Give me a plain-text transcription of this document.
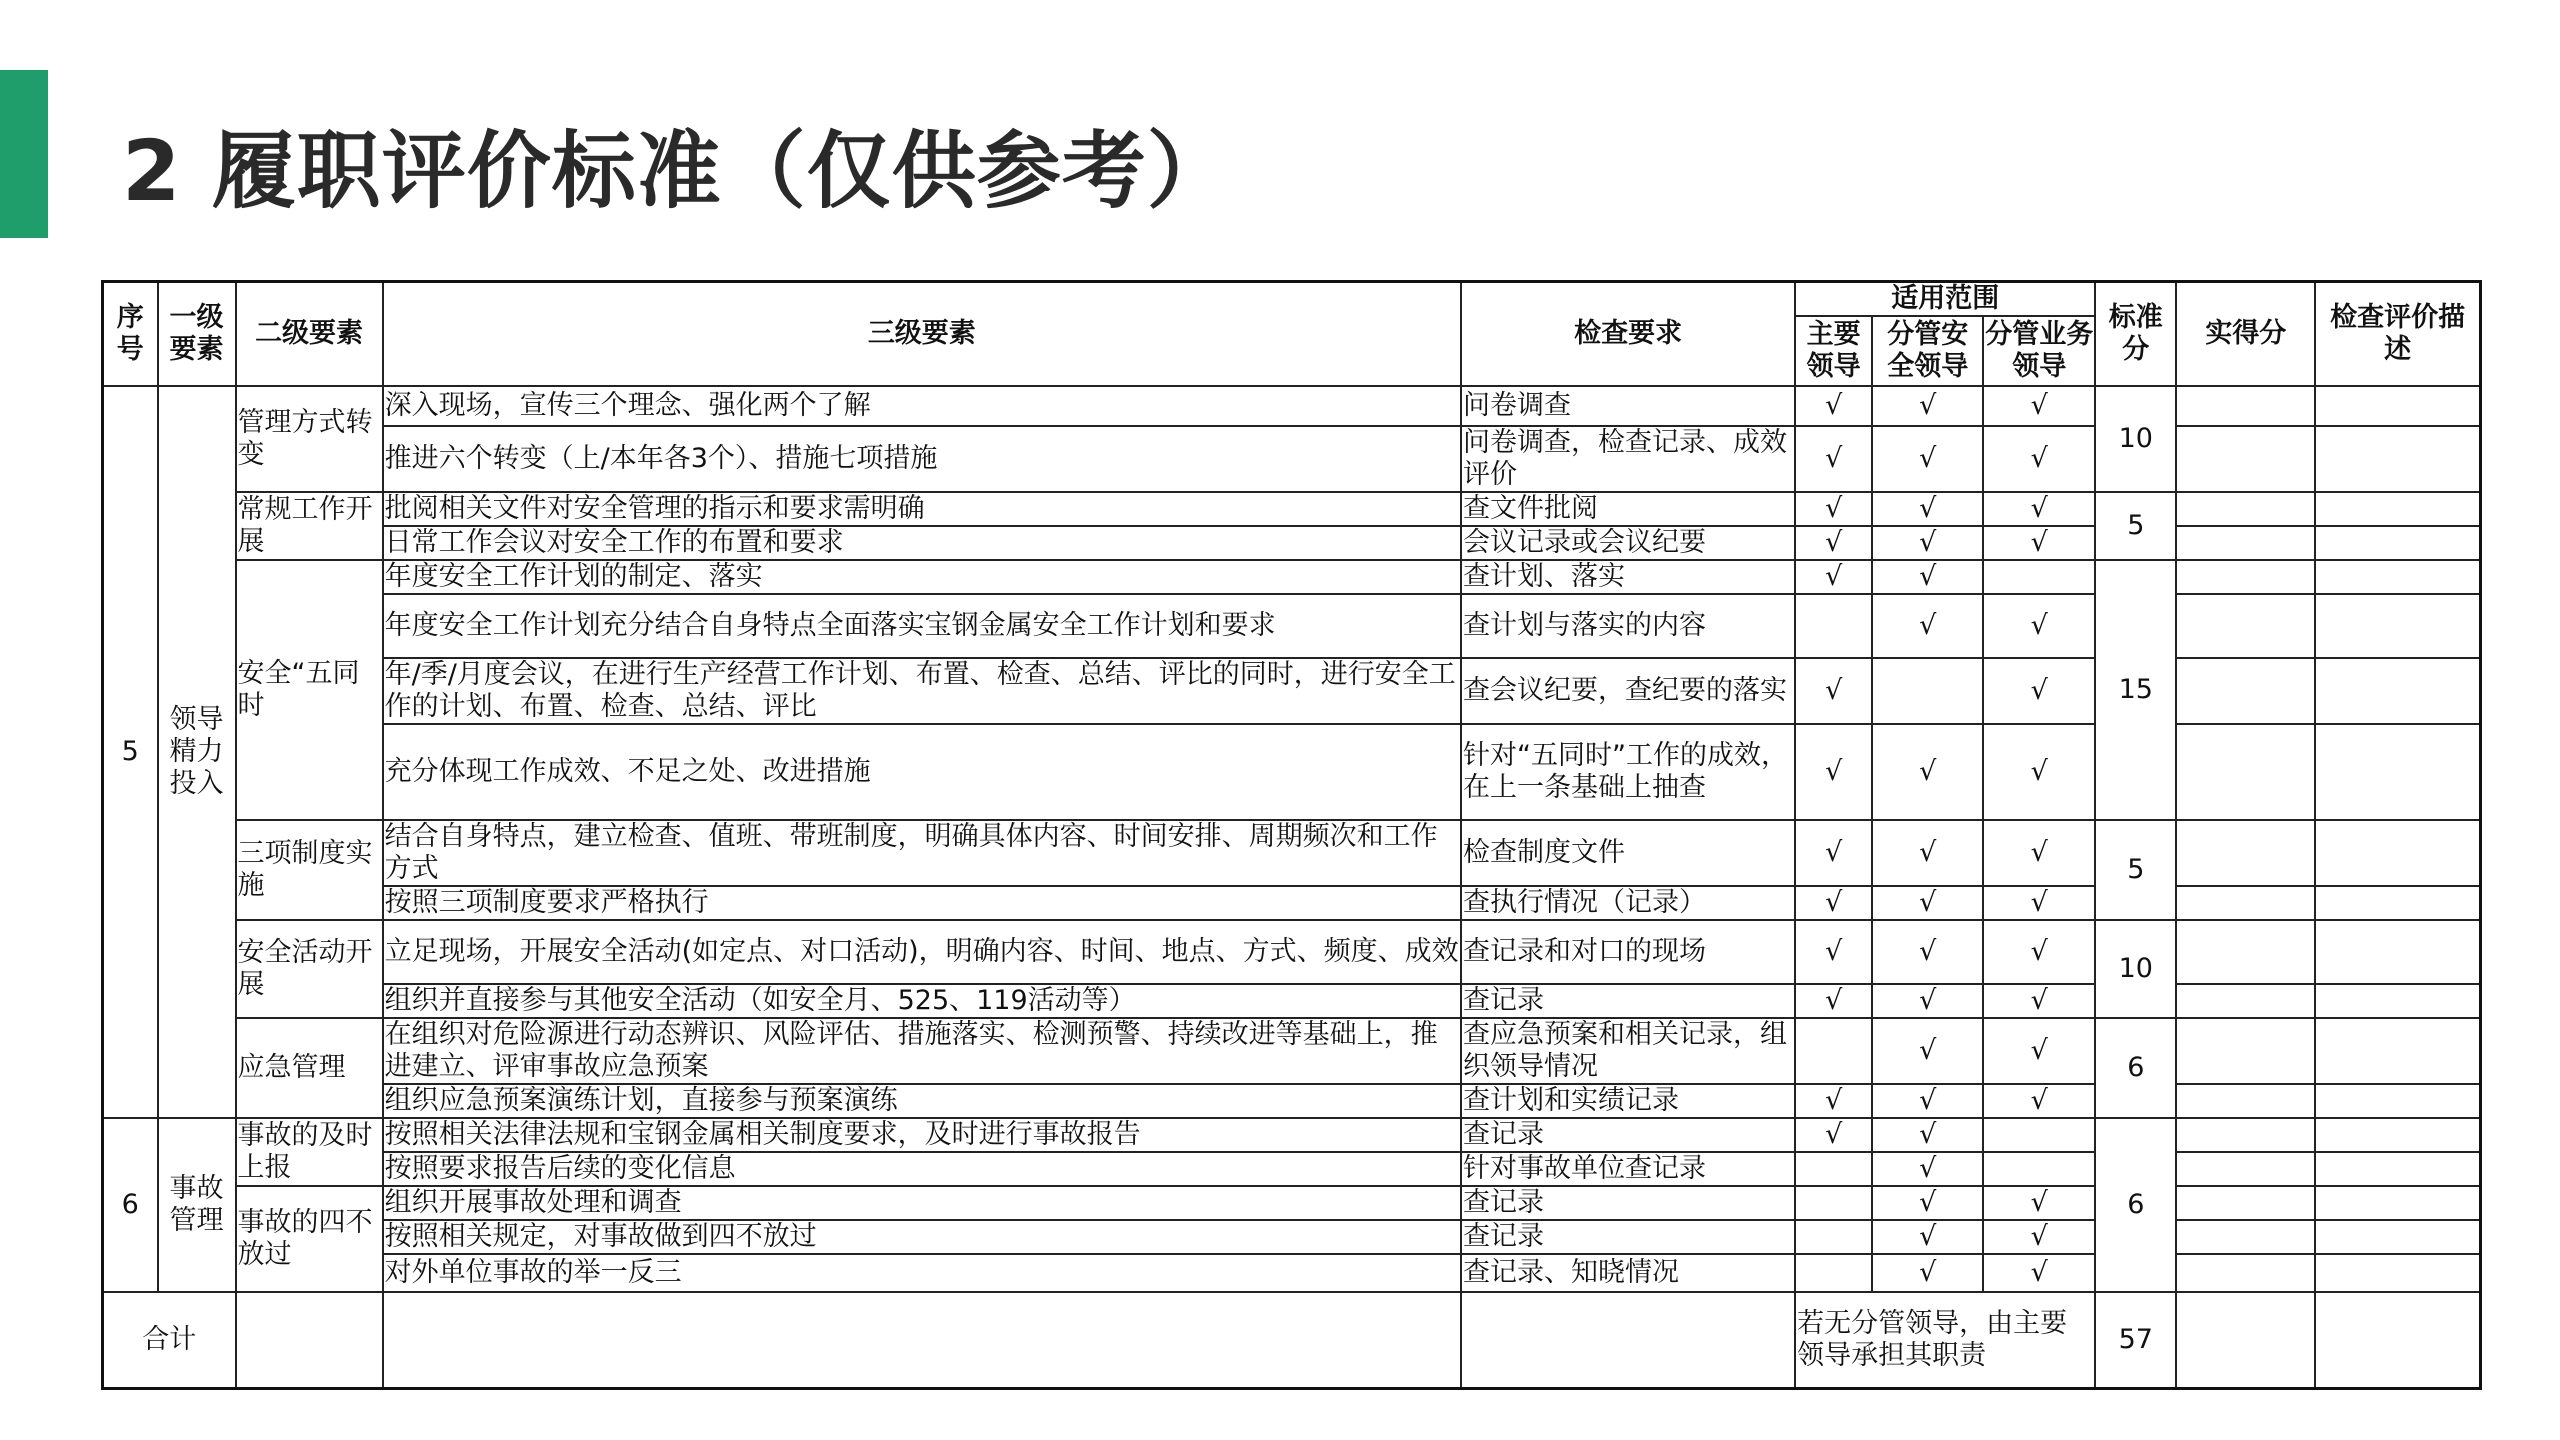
2 履职评价标准（仅供参考）
序号	一级要素	二级要素	三级要素	检查要求	适用范围			标准分	实得分	检查评价描述
					主要领导	分管安全领导	分管业务领导			
5	领导精力投入	管理方式转变	深入现场，宣传三个理念、强化两个了解	问卷调查	√	√	√	10		
			推进六个转变（上/本年各3个）、措施七项措施	问卷调查，检查记录、成效评价	√	√	√			
		常规工作开展	批阅相关文件对安全管理的指示和要求需明确	查文件批阅	√	√	√	5		
			日常工作会议对安全工作的布置和要求	会议记录或会议纪要	√	√	√			
		安全“五同时	年度安全工作计划的制定、落实	查计划、落实	√	√		15		
			年度安全工作计划充分结合自身特点全面落实宝钢金属安全工作计划和要求	查计划与落实的内容		√	√			
			年/季/月度会议，在进行生产经营工作计划、布置、检查、总结、评比的同时，进行安全工作的计划、布置、检查、总结、评比	查会议纪要，查纪要的落实	√		√			
			充分体现工作成效、不足之处、改进措施	针对“五同时”工作的成效，在上一条基础上抽查	√	√	√			
		三项制度实施	结合自身特点，建立检查、值班、带班制度，明确具体内容、时间安排、周期频次和工作方式	检查制度文件	√	√	√	5		
			按照三项制度要求严格执行	查执行情况（记录）	√	√	√			
		安全活动开展	立足现场，开展安全活动(如定点、对口活动)，明确内容、时间、地点、方式、频度、成效	查记录和对口的现场	√	√	√	10		
			组织并直接参与其他安全活动（如安全月、525、119活动等）	查记录	√	√	√			
		应急管理	在组织对危险源进行动态辨识、风险评估、措施落实、检测预警、持续改进等基础上，推进建立、评审事故应急预案	查应急预案和相关记录，组织领导情况		√	√	6		
			组织应急预案演练计划，直接参与预案演练	查计划和实绩记录	√	√	√			
6	事故管理	事故的及时上报	按照相关法律法规和宝钢金属相关制度要求，及时进行事故报告	查记录	√	√		6		
			按照要求报告后续的变化信息	针对事故单位查记录		√				
		事故的四不放过	组织开展事故处理和调查	查记录		√	√			
			按照相关规定，对事故做到四不放过	查记录		√	√			
			对外单位事故的举一反三	查记录、知晓情况		√	√			
合计					若无分管领导，由主要领导承担其职责			57		
